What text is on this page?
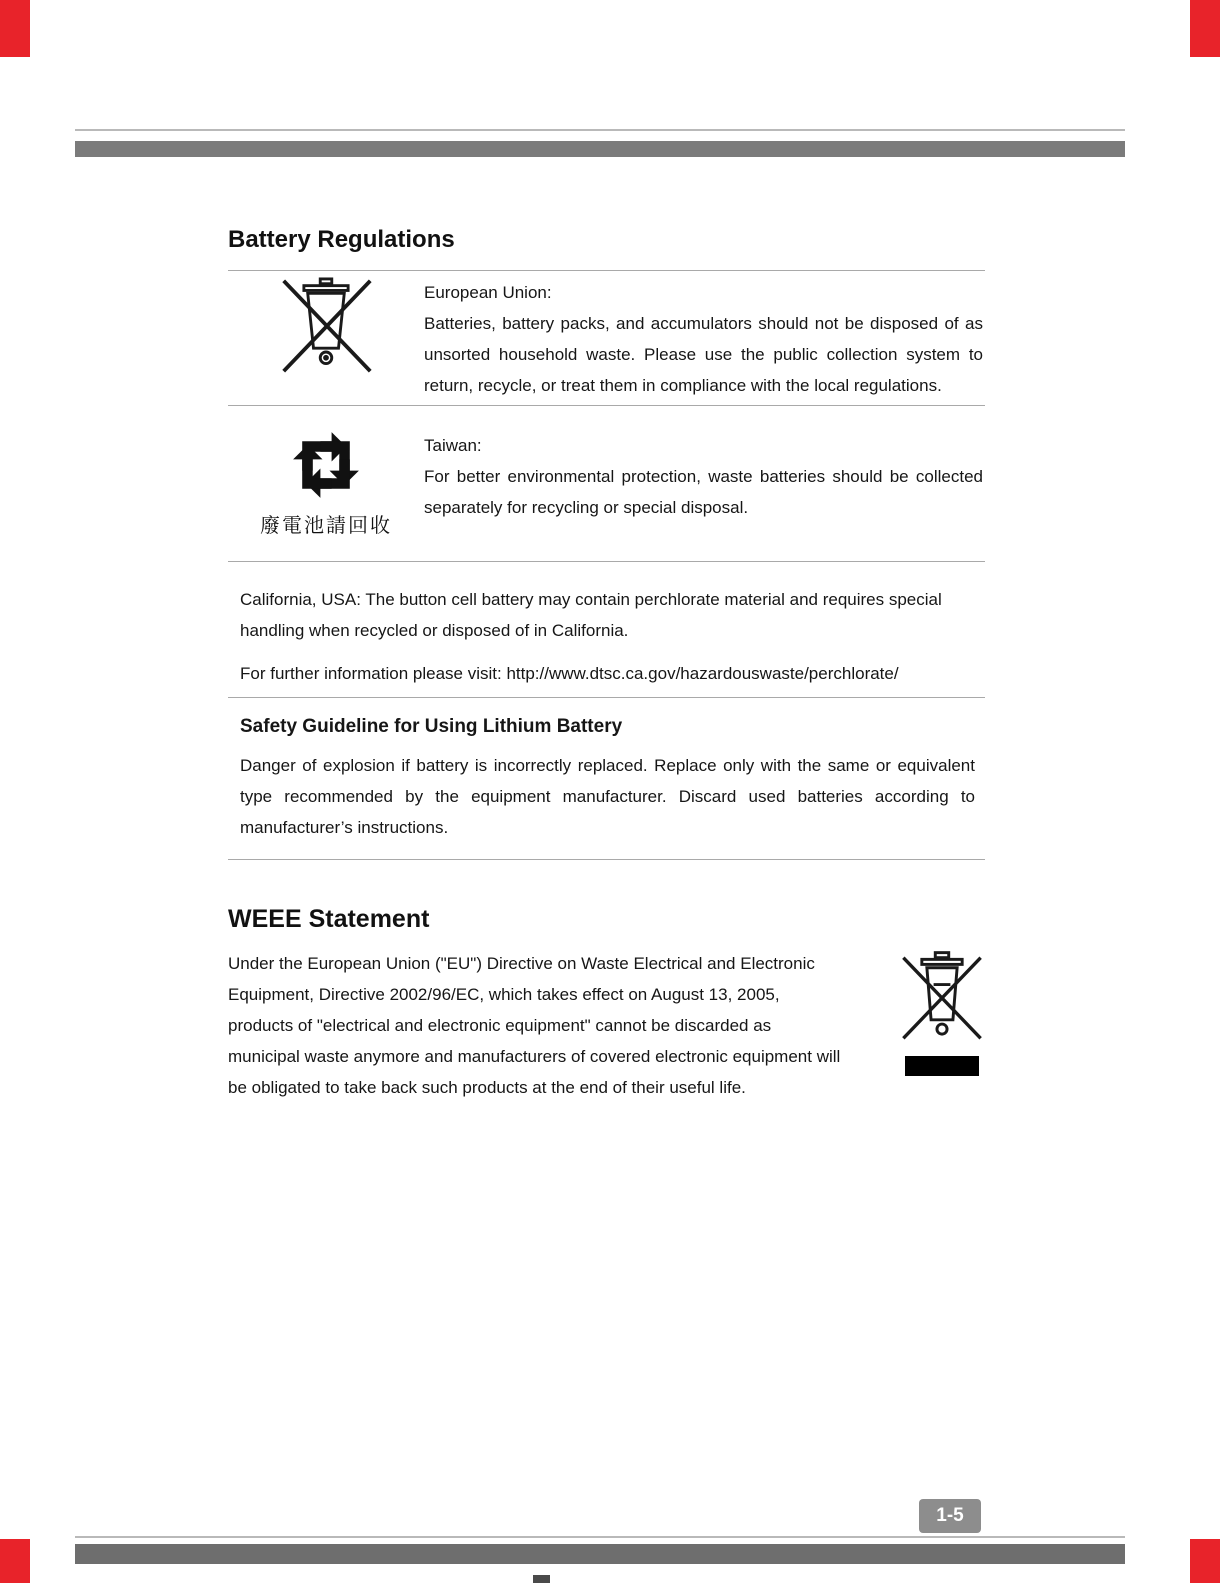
Battery Regulations

European Union:

Batteries, battery packs, and accumulators should not be disposed of as unsorted household waste. Please use the public collection system to return, recycle, or treat them in compliance with the local regulations.

廢電池請回收

Taiwan:

For better environmental protection, waste batteries should be collected separately for recycling or special disposal.

California, USA: The button cell battery may contain perchlorate material and requires special handling when recycled or disposed of in California.

For further information please visit: http://www.dtsc.ca.gov/hazardouswaste/perchlorate/

Safety Guideline for Using Lithium Battery

Danger of explosion if battery is incorrectly replaced. Replace only with the same or equivalent type recommended by the equipment manufacturer. Discard used batteries according to manufacturer’s instructions.

WEEE Statement

Under the European Union ("EU") Directive on Waste Electrical and Electronic Equipment, Directive 2002/96/EC, which takes effect on August 13, 2005, products of "electrical and electronic equipment" cannot be discarded as municipal waste anymore and manufacturers of covered electronic equipment will be obligated to take back such products at the end of their useful life.

1-5
